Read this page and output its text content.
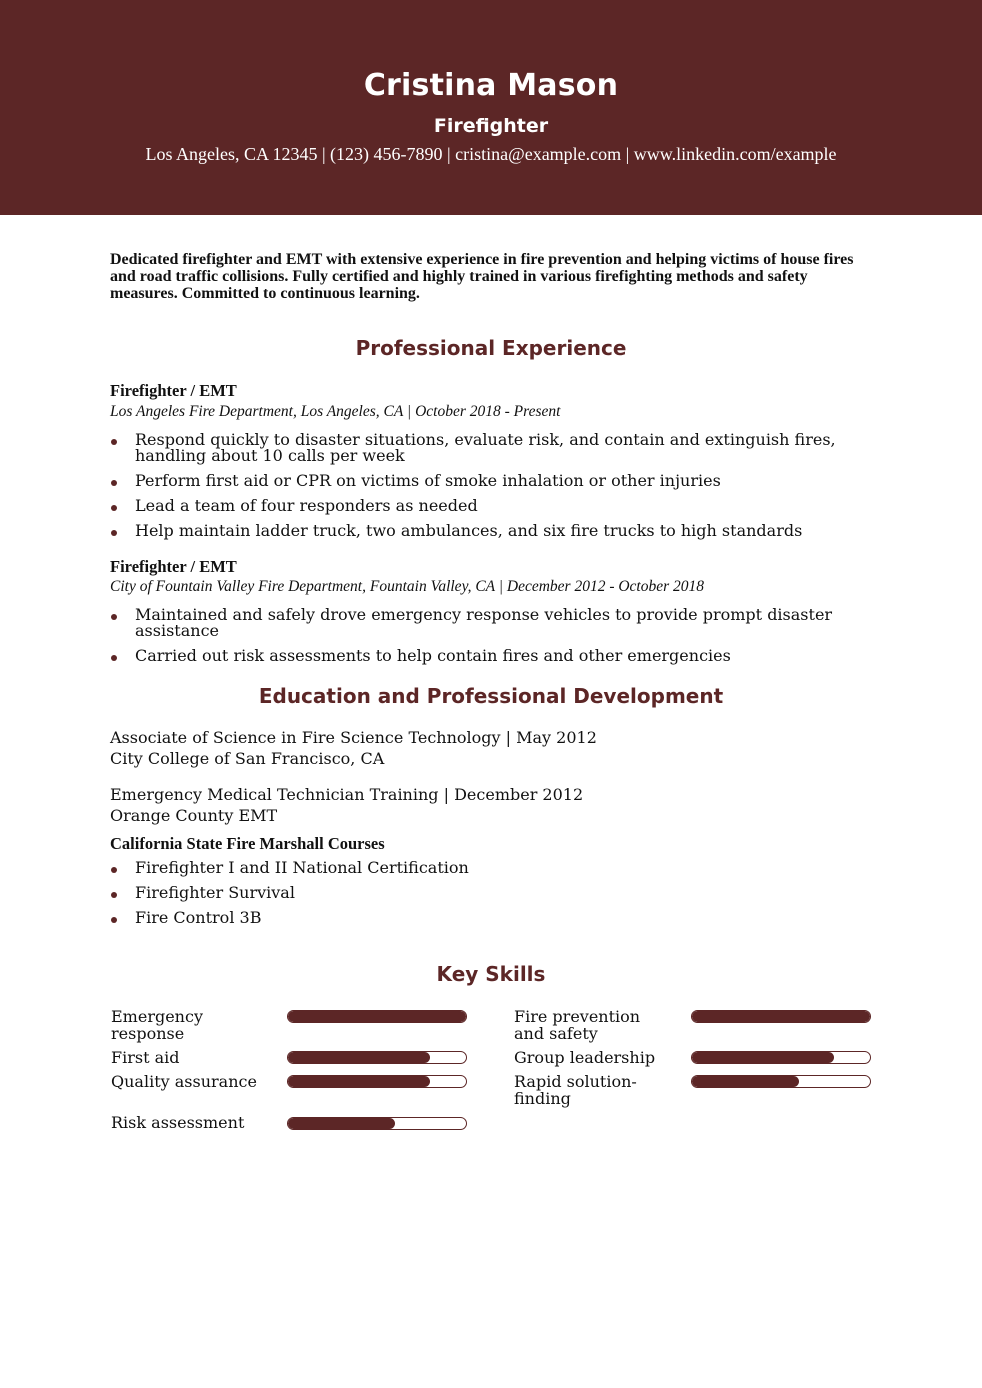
Cristina Mason
Firefighter
Los Angeles, CA 12345 | (123) 456-7890 | cristina@example.com | www.linkedin.com/example
Dedicated firefighter and EMT with extensive experience in fire prevention and helping victims of house fires and road traffic collisions. Fully certified and highly trained in various firefighting methods and safety measures. Committed to continuous learning.
Professional Experience
Firefighter / EMT
Los Angeles Fire Department, Los Angeles, CA | October 2018 - Present
Respond quickly to disaster situations, evaluate risk, and contain and extinguish fires, handling about 10 calls per week
Perform first aid or CPR on victims of smoke inhalation or other injuries
Lead a team of four responders as needed
Help maintain ladder truck, two ambulances, and six fire trucks to high standards
Firefighter / EMT
City of Fountain Valley Fire Department, Fountain Valley, CA | December 2012 - October 2018
Maintained and safely drove emergency response vehicles to provide prompt disaster assistance
Carried out risk assessments to help contain fires and other emergencies
Education and Professional Development
Associate of Science in Fire Science Technology | May 2012
City College of San Francisco, CA
Emergency Medical Technician Training | December 2012
Orange County EMT
California State Fire Marshall Courses
Firefighter I and II National Certification
Firefighter Survival
Fire Control 3B
Key Skills
Emergency response
Fire prevention and safety
First aid	Group leadership
Quality assurance	Rapid solution-finding
Risk assessment
